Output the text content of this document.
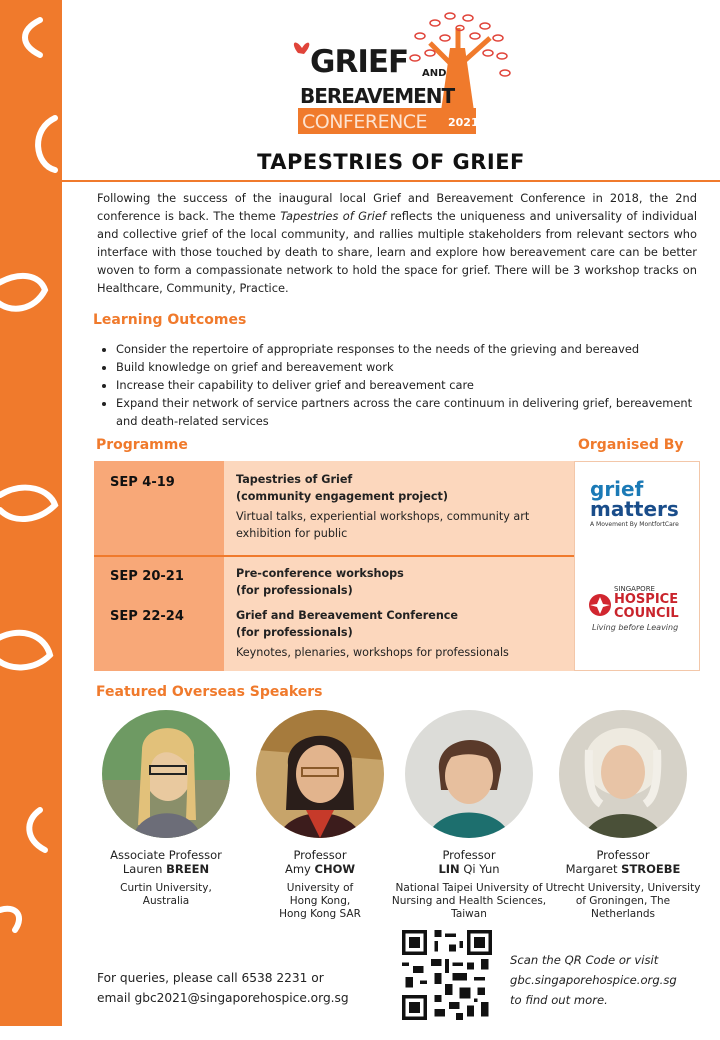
GRIEF AND
BEREAVEMENT
CONFERENCE 2021
TAPESTRIES OF GRIEF
Following the success of the inaugural local Grief and Bereavement Conference in 2018, the 2nd conference is back. The theme Tapestries of Grief reflects the uniqueness and universality of individual and collective grief of the local community, and rallies multiple stakeholders from relevant sectors who interface with those touched by death to share, learn and explore how bereavement care can be better woven to form a compassionate network to hold the space for grief. There will be 3 workshop tracks on Healthcare, Community, Practice.
Learning Outcomes
• Consider the repertoire of appropriate responses to the needs of the grieving and bereaved
• Build knowledge on grief and bereavement work
• Increase their capability to deliver grief and bereavement care
• Expand their network of service partners across the care continuum in delivering grief, bereavement and death-related services
Programme	Organised By
SEP 4-19	Tapestries of Grief
(community engagement project)
Virtual talks, experiential workshops, community art exhibition for public
SEP 20-21	Pre-conference workshops
(for professionals)
SEP 22-24	Grief and Bereavement Conference
(for professionals)
Keynotes, plenaries, workshops for professionals
grief
matters
A Movement By MontfortCare
SINGAPORE
HOSPICE
COUNCIL
Living before Leaving
Featured Overseas Speakers
Associate Professor
Lauren BREEN
Curtin University, Australia
Professor
Amy CHOW
University of Hong Kong, Hong Kong SAR
Professor
LIN Qi Yun
National Taipei University of Nursing and Health Sciences, Taiwan
Professor
Margaret STROEBE
Utrecht University, University of Groningen, The Netherlands
For queries, please call 6538 2231 or
email gbc2021@singaporehospice.org.sg
Scan the QR Code or visit
gbc.singaporehospice.org.sg
to find out more.
